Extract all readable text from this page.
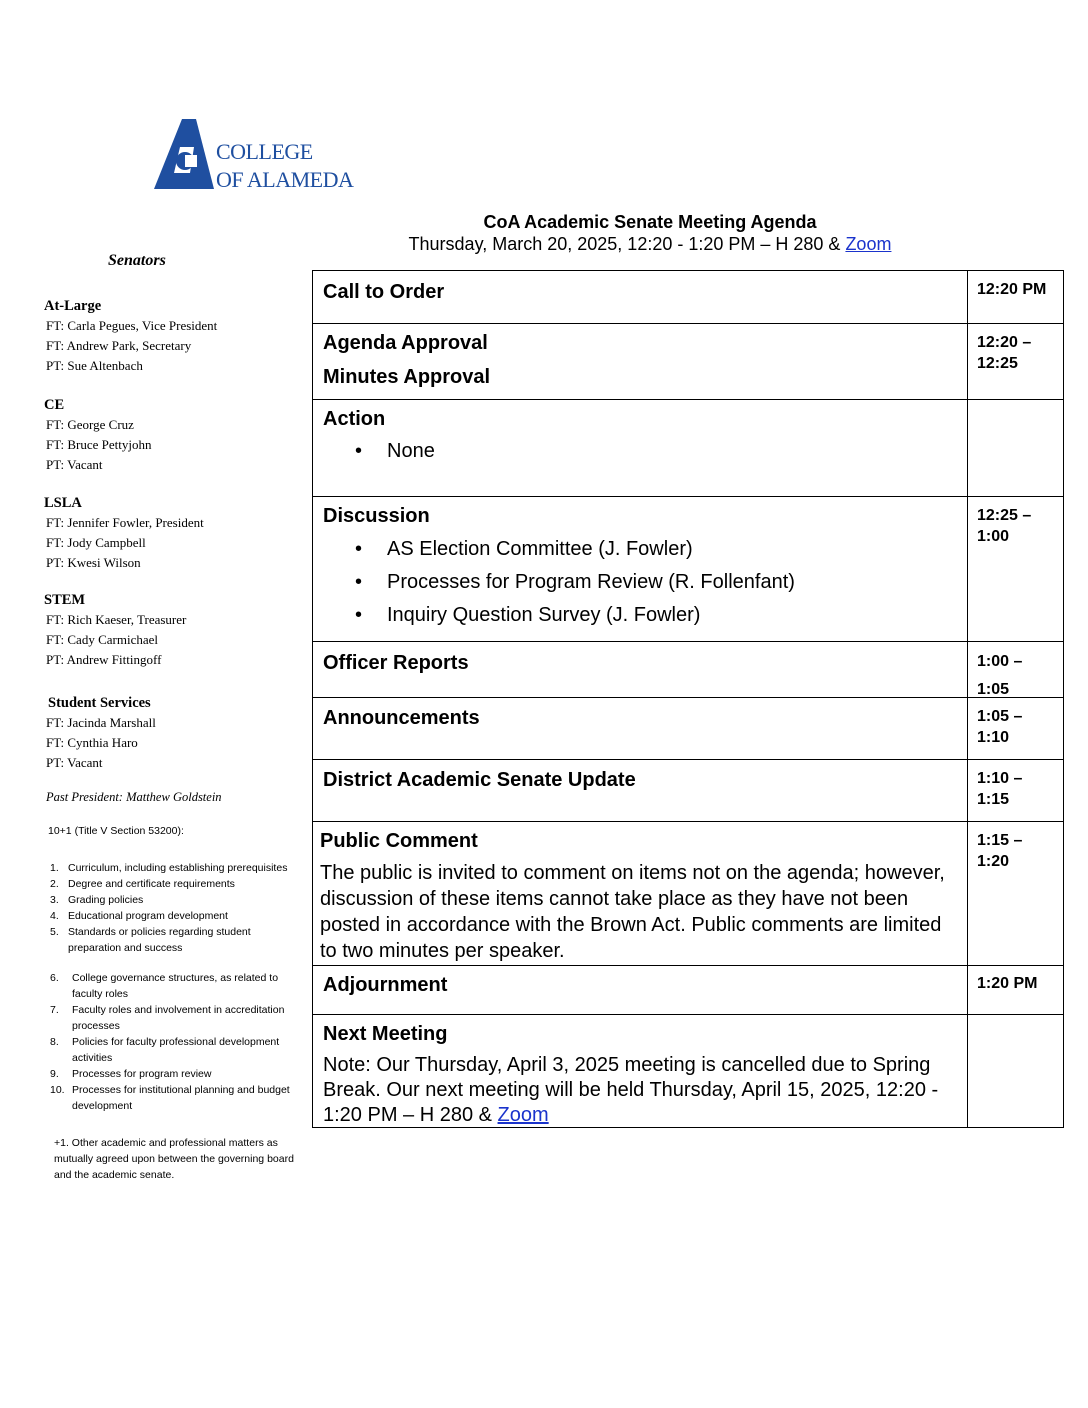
COLLEGE
OF ALAMEDA
CoA Academic Senate Meeting Agenda
Thursday, March 20, 2025, 12:20 - 1:20 PM – H 280 & Zoom
Senators
At-Large
FT: Carla Pegues, Vice President
FT: Andrew Park, Secretary
PT: Sue Altenbach
CE
FT: George Cruz
FT: Bruce Pettyjohn
PT: Vacant
LSLA
FT: Jennifer Fowler, President
FT: Jody Campbell
PT: Kwesi Wilson
STEM
FT: Rich Kaeser, Treasurer
FT: Cady Carmichael
PT: Andrew Fittingoff
Student Services
FT: Jacinda Marshall
FT: Cynthia Haro
PT: Vacant
Past President: Matthew Goldstein
10+1 (Title V Section 53200):
1. Curriculum, including establishing prerequisites
2. Degree and certificate requirements
3. Grading policies
4. Educational program development
5. Standards or policies regarding student preparation and success
6. College governance structures, as related to faculty roles
7. Faculty roles and involvement in accreditation processes
8. Policies for faculty professional development activities
9. Processes for program review
10. Processes for institutional planning and budget development
+1. Other academic and professional matters as mutually agreed upon between the governing board and the academic senate.
Call to Order	12:20 PM
Agenda Approval
Minutes Approval
12:20 – 12:25
Action
• None
Discussion
• AS Election Committee (J. Fowler)
• Processes for Program Review (R. Follenfant)
• Inquiry Question Survey (J. Fowler)
12:25 – 1:00
Officer Reports	1:00 – 1:05
Announcements	1:05 – 1:10
District Academic Senate Update	1:10 – 1:15
Public Comment
The public is invited to comment on items not on the agenda; however, discussion of these items cannot take place as they have not been posted in accordance with the Brown Act. Public comments are limited to two minutes per speaker.
1:15 – 1:20
Adjournment	1:20 PM
Next Meeting
Note: Our Thursday, April 3, 2025 meeting is cancelled due to Spring Break. Our next meeting will be held Thursday, April 15, 2025, 12:20 - 1:20 PM – H 280 & Zoom
